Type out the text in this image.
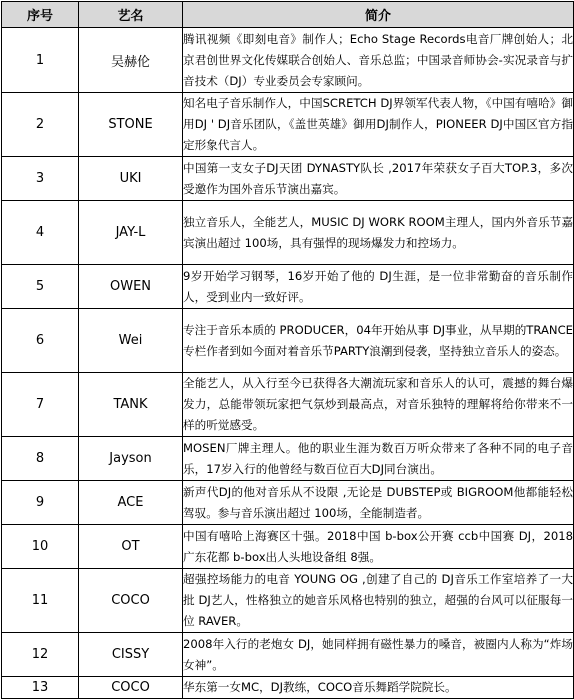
序号	艺名	简介
1	吴赫伦	腾讯视频《即刻电音》制作人；Echo Stage Records电音厂牌创始人；北京君创世界文化传媒联合创始人、音乐总监；中国录音师协会-实况录音与扩音技术（DJ）专业委员会专家顾问。
2	STONE	知名电子音乐制作人，中国SCRETCH DJ界领军代表人物，《中国有嘻哈》御用DJ ' DJ音乐团队，《盖世英雄》御用DJ制作人，PIONEER DJ中国区官方指定形象代言人。
3	UKI	中国第一支女子DJ天团 DYNASTY队长 ,2017年荣获女子百大TOP.3，多次受邀作为国外音乐节演出嘉宾。
4	JAY-L	独立音乐人，全能艺人，MUSIC DJ WORK ROOM主理人，国内外音乐节嘉宾演出超过 100场，具有强悍的现场爆发力和控场力。
5	OWEN	9岁开始学习钢琴，16岁开始了他的 DJ生涯，是一位非常勤奋的音乐制作人，受到业内一致好评。
6	Wei	专注于音乐本质的 PRODUCER，04年开始从事 DJ事业，从早期的TRANCE专栏作者到如今面对着音乐节PARTY浪潮到侵袭，坚持独立音乐人的姿态。
7	TANK	全能艺人，从入行至今已获得各大潮流玩家和音乐人的认可，震撼的舞台爆发力，总能带领玩家把气氛炒到最高点，对音乐独特的理解将给你带来不一样的听觉感受。
8	Jayson	MOSEN厂牌主理人。他的职业生涯为数百万听众带来了各种不同的电子音乐，17岁入行的他曾经与数百位百大DJ同台演出。
9	ACE	新声代DJ的他对音乐从不设限 ,无论是 DUBSTEP或 BIGROOM他都能轻松驾驭。参与音乐演出超过 100场，全能制造者。
10	OT	中国有嘻哈上海赛区十强。2018中国 b-box公开赛 ccb中国赛 DJ，2018广东花都 b-box出人头地设备组 8强。
11	COCO	超强控场能力的电音 YOUNG OG ,创建了自己的 DJ音乐工作室培养了一大批 DJ艺人，性格独立的她音乐风格也特别的独立，超强的台风可以征服每一位 RAVER。
12	CISSY	2008年入行的老炮女 DJ，她同样拥有磁性暴力的嗓音，被圈内人称为“炸场女神”。
13	COCO	华东第一女MC，DJ教练，COCO音乐舞蹈学院院长。
